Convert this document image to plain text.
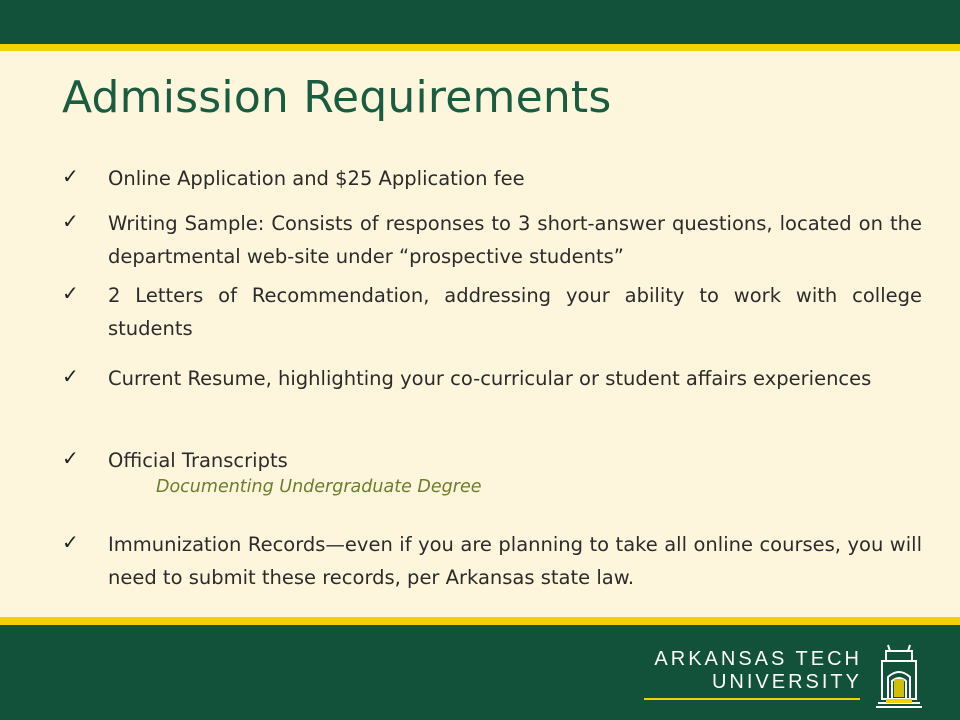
Admission Requirements
✓ Online Application and $25 Application fee
✓ Writing Sample: Consists of responses to 3 short-answer questions, located on the departmental web-site under “prospective students”
✓ 2 Letters of Recommendation, addressing your ability to work with college students
✓ Current Resume, highlighting your co-curricular or student affairs experiences
✓ Official Transcripts
Documenting Undergraduate Degree
✓ Immunization Records—even if you are planning to take all online courses, you will need to submit these records, per Arkansas state law.
ARKANSAS TECH
UNIVERSITY
